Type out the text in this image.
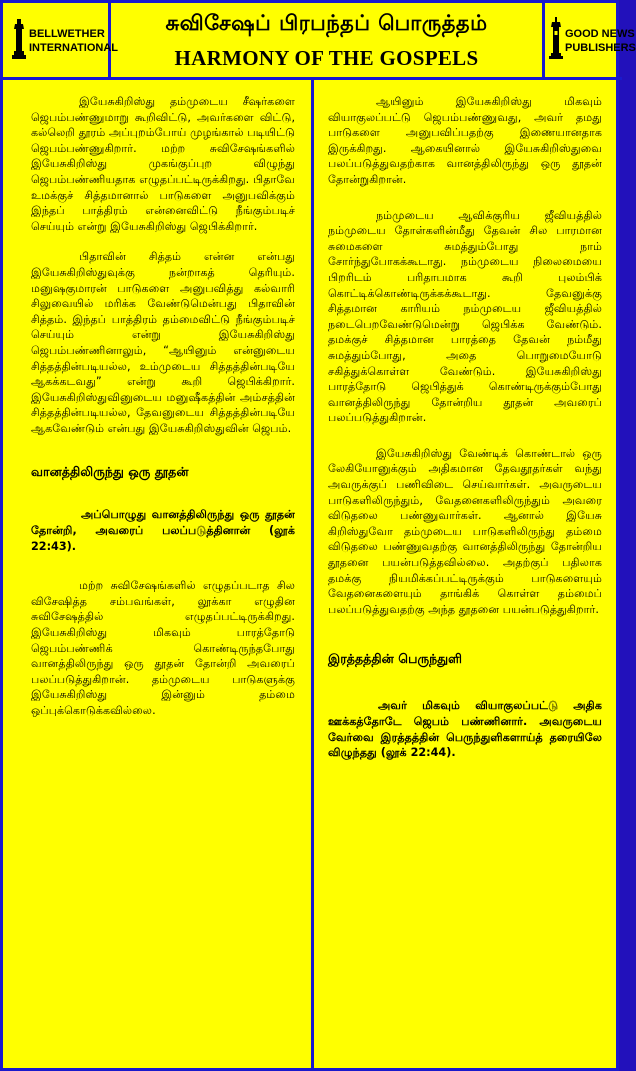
BELLWETHER
INTERNATIONAL
சுவிசேஷப் பிரபந்தப் பொருத்தம்
HARMONY OF THE GOSPELS
GOOD NEWS
PUBLISHERS

இயேசுகிறிஸ்து தம்முடைய சீஷர்களை ஜெபம்பண்ணுமாறு கூறிவிட்டு, அவர்களை விட்டு, கல்லெறி தூரம் அப்புறம்போய் முழங்கால் படியிட்டு ஜெபம்பண்ணுகிறார். மற்ற சுவிசேஷங்களில் இயேசுகிறிஸ்து முகங்குப்புற விழுந்து ஜெபம்பண்ணியதாக எழுதப்பட்டிருக்கிறது. பிதாவே உமக்குச் சித்தமானால் பாடுகளை அனுபவிக்கும் இந்தப் பாத்திரம் என்னைவிட்டு நீங்கும்படிச் செய்யும் என்று இயேசுகிறிஸ்து ஜெபிக்கிறார்.

பிதாவின் சித்தம் என்ன என்பது இயேசுகிறிஸ்துவுக்கு நன்றாகத் தெரியும். மனுஷகுமாரன் பாடுகளை அனுபவித்து கல்வாரி சிலுவையில் மரிக்க வேண்டுமென்பது பிதாவின் சித்தம். இந்தப் பாத்திரம் தம்மைவிட்டு நீங்கும்படிச் செய்யும் என்று இயேசுகிறிஸ்து ஜெபம்பண்ணினாலும், “ஆயினும் என்னுடைய சித்தத்தின்படியல்ல, உம்முடைய சித்தத்தின்படியே ஆகக்கடவது” என்று கூறி ஜெபிக்கிறார். இயேசுகிறிஸ்துவினுடைய மனுஷீகத்தின் அம்சத்தின் சித்தத்தின்படியல்ல, தேவனுடைய சித்தத்தின்படியே ஆகவேண்டும் என்பது இயேசுகிறிஸ்துவின் ஜெபம்.

வானத்திலிருந்து ஒரு தூதன்

அப்பொழுது வானத்திலிருந்து ஒரு தூதன் தோன்றி, அவரைப் பலப்படுத்தினான் (லூக் 22:43).

மற்ற சுவிசேஷங்களில் எழுதப்படாத சில விசேஷித்த சம்பவங்கள், லூக்கா எழுதின சுவிசேஷத்தில் எழுதப்பட்டிருக்கிறது. இயேசுகிறிஸ்து மிகவும் பாரத்தோடு ஜெபம்பண்ணிக் கொண்டிருந்தபோது வானத்திலிருந்து ஒரு தூதன் தோன்றி அவரைப் பலப்படுத்துகிறான். தம்முடைய பாடுகளுக்கு இயேசுகிறிஸ்து இன்னும் தம்மை ஒப்புக்கொடுக்கவில்லை.

ஆயினும் இயேசுகிறிஸ்து மிகவும் வியாகுலப்பட்டு ஜெபம்பண்ணுவது, அவர் தமது பாடுகளை அனுபவிப்பதற்கு இணையானதாக இருக்கிறது. ஆகையினால் இயேசுகிறிஸ்துவை பலப்படுத்துவதற்காக வானத்திலிருந்து ஒரு தூதன் தோன்றுகிறான்.

நம்முடைய ஆவிக்குரிய ஜீவியத்தில் நம்முடைய தோள்களின்மீது தேவன் சில பாரமான சுமைகளை சுமத்தும்போது நாம் சோர்ந்துபோகக்கூடாது. நம்முடைய நிலைமையை பிறரிடம் பரிதாபமாக கூறி புலம்பிக் கொட்டிக்கொண்டிருக்கக்கூடாது. தேவனுக்கு சித்தமான காரியம் நம்முடைய ஜீவியத்தில் நடைபெறவேண்டுமென்று ஜெபிக்க வேண்டும். தமக்குச் சித்தமான பாரத்தை தேவன் நம்மீது சுமத்தும்போது, அதை பொறுமையோடு சகித்துக்கொள்ள வேண்டும். இயேசுகிறிஸ்து பாரத்தோடு ஜெபித்துக் கொண்டிருக்கும்போது வானத்திலிருந்து தோன்றிய தூதன் அவரைப் பலப்படுத்துகிறான்.

இயேசுகிறிஸ்து வேண்டிக் கொண்டால் ஒரு லேகியோனுக்கும் அதிகமான தேவதூதர்கள் வந்து அவருக்குப் பணிவிடை செய்வார்கள். அவருடைய பாடுகளிலிருந்தும், வேதனைகளிலிருந்தும் அவரை விடுதலை பண்ணுவார்கள். ஆனால் இயேசு கிறிஸ்துவோ தம்முடைய பாடுகளிலிருந்து தம்மை விடுதலை பண்ணுவதற்கு வானத்திலிருந்து தோன்றிய தூதனை பயன்படுத்தவில்லை. அதற்குப் பதிலாக தமக்கு நியமிக்கப்பட்டிருக்கும் பாடுகளையும் வேதனைகளையும் தாங்கிக் கொள்ள தம்மைப் பலப்படுத்துவதற்கு அந்த தூதனை பயன்படுத்துகிறார்.

இரத்தத்தின் பெருந்துளி

அவர் மிகவும் வியாகுலப்பட்டு அதிக ஊக்கத்தோடே ஜெபம் பண்ணினார். அவருடைய வேர்வை இரத்தத்தின் பெருந்துளிகளாய்த் தரையிலே விழுந்தது (லூக் 22:44).
